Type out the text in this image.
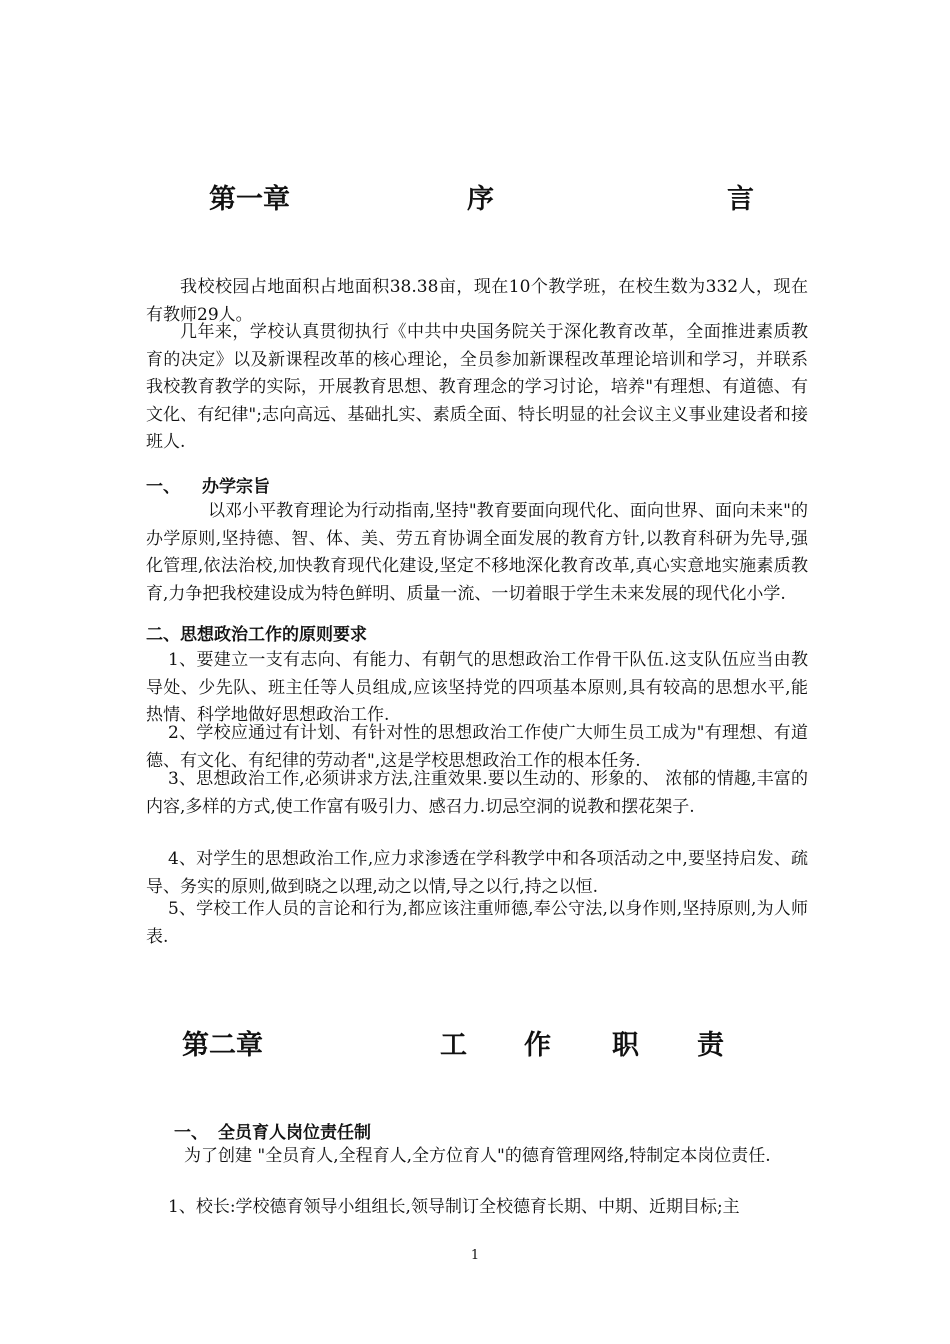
第一章	序	言
我校校园占地面积占地面积38.38亩，现在10个教学班，在校生数为332人，现在有教师29人。
几年来，学校认真贯彻执行《中共中央国务院关于深化教育改革，全面推进素质教育的决定》以及新课程改革的核心理论，全员参加新课程改革理论培训和学习，并联系我校教育教学的实际，开展教育思想、教育理念的学习讨论，培养"有理想、有道德、有文化、有纪律";志向高远、基础扎实、素质全面、特长明显的社会议主义事业建设者和接班人.
一、 办学宗旨
以邓小平教育理论为行动指南,坚持"教育要面向现代化、面向世界、面向未来"的办学原则,坚持德、智、体、美、劳五育协调全面发展的教育方针,以教育科研为先导,强化管理,依法治校,加快教育现代化建设,坚定不移地深化教育改革,真心实意地实施素质教育,力争把我校建设成为特色鲜明、质量一流、一切着眼于学生未来发展的现代化小学.
二、思想政治工作的原则要求
1、要建立一支有志向、有能力、有朝气的思想政治工作骨干队伍.这支队伍应当由教导处、少先队、班主任等人员组成,应该坚持党的四项基本原则,具有较高的思想水平,能热情、科学地做好思想政治工作.
2、学校应通过有计划、有针对性的思想政治工作使广大师生员工成为"有理想、有道德、有文化、有纪律的劳动者",这是学校思想政治工作的根本任务.
3、思想政治工作,必须讲求方法,注重效果.要以生动的、形象的、 浓郁的情趣,丰富的内容,多样的方式,使工作富有吸引力、感召力.切忌空洞的说教和摆花架子.
4、对学生的思想政治工作,应力求渗透在学科教学中和各项活动之中,要坚持启发、疏导、务实的原则,做到晓之以理,动之以情,导之以行,持之以恒.
5、学校工作人员的言论和行为,都应该注重师德,奉公守法,以身作则,坚持原则,为人师表.
第二章	工 作 职 责
一、 全员育人岗位责任制
为了创建 "全员育人,全程育人,全方位育人"的德育管理网络,特制定本岗位责任.
1、校长:学校德育领导小组组长,领导制订全校德育长期、中期、近期目标;主
1
